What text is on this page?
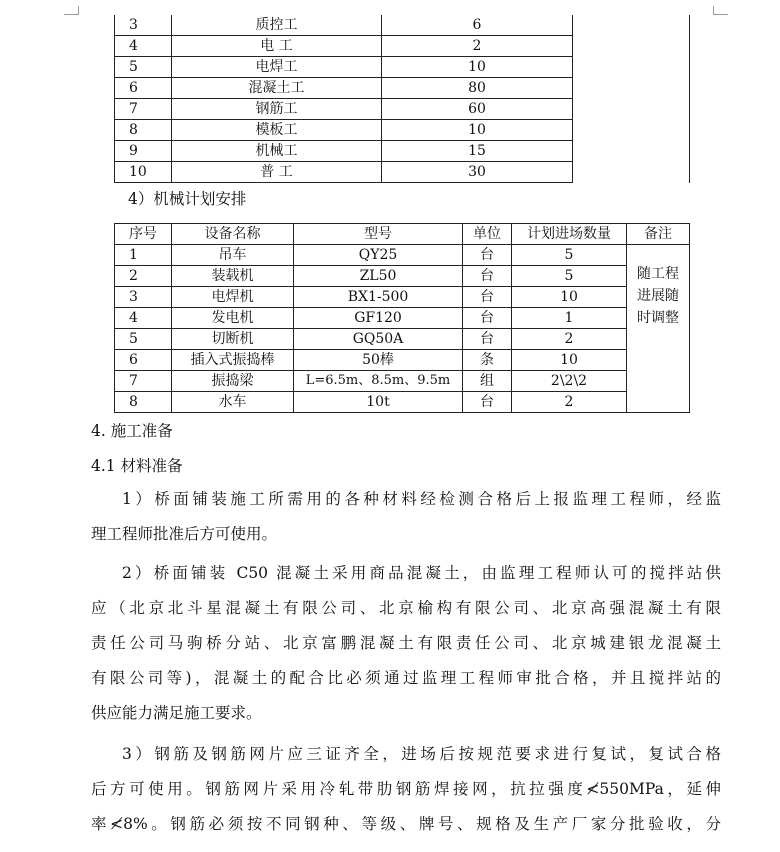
3	质控工	6	
4	电 工	2	
5	电焊工	10	
6	混凝土工	80	
7	钢筋工	60	
8	模板工	10	
9	机械工	15	
10	普 工	30	
4）机械计划安排
序号	设备名称	型号	单位	计划进场数量	备注
1	吊车	QY25	台	5	随工程
进展随
时调整

2	装载机	ZL50	台	5	
3	电焊机	BX1-500	台	10	
4	发电机	GF120	台	1	
5	切断机	GQ50A	台	2	
6	插入式振捣棒	50棒	条	10	
7	振捣梁	L=6.5m、8.5m、9.5m	组	2\2\2	
8	水车	10t	台	2	
4. 施工准备
4.1 材料准备
1）桥面铺装施工所需用的各种材料经检测合格后上报监理工程师，经监
理工程师批准后方可使用。
2）桥面铺装 C50 混凝土采用商品混凝土，由监理工程师认可的搅拌站供
应（北京北斗星混凝土有限公司、北京榆构有限公司、北京高强混凝土有限
责任公司马驹桥分站、北京富鹏混凝土有限责任公司、北京城建银龙混凝土
有限公司等)，混凝土的配合比必须通过监理工程师审批合格，并且搅拌站的
供应能力满足施工要求。
3）钢筋及钢筋网片应三证齐全，进场后按规范要求进行复试，复试合格
后方可使用。钢筋网片采用冷轧带肋钢筋焊接网，抗拉强度≮550MPa，延伸
率≮8%。钢筋必须按不同钢种、等级、牌号、规格及生产厂家分批验收，分
